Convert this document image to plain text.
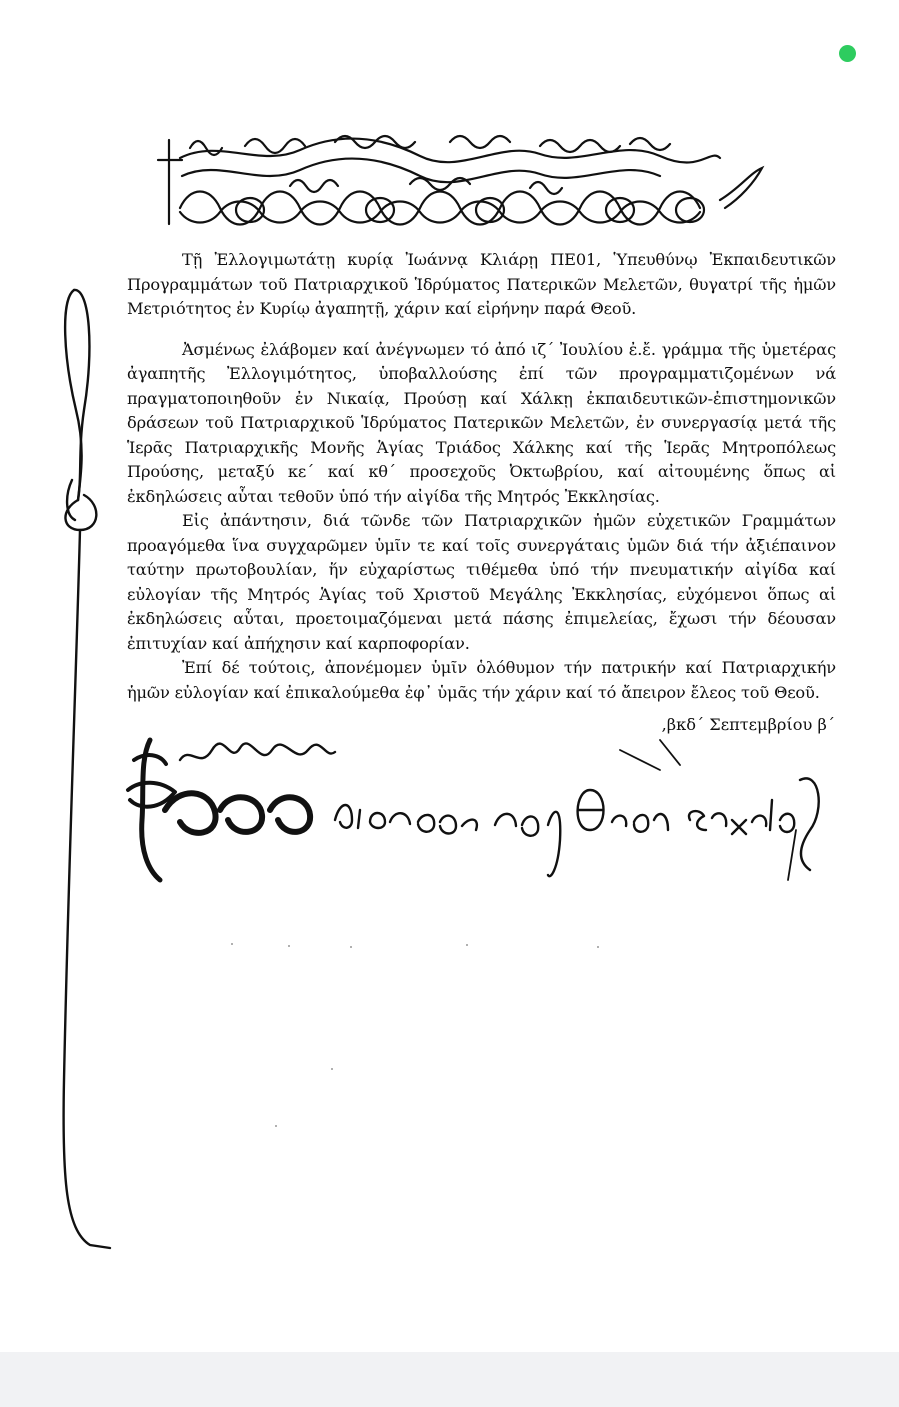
Τῇ Ἐλλογιμωτάτῃ κυρίᾳ Ἰωάννᾳ Κλιάρῃ ΠΕ01, Ὑπευθύνῳ Ἐκπαιδευτικῶν Προγραμμάτων τοῦ Πατριαρχικοῦ Ἱδρύματος Πατερικῶν Μελετῶν, θυγατρί τῆς ἡμῶν Μετριότητος ἐν Κυρίῳ ἀγαπητῇ, χάριν καί εἰρήνην παρά Θεοῦ.

Ἀσμένως ἐλάβομεν καί ἀνέγνωμεν τό ἀπό ιζ΄ Ἰουλίου ἐ.ἔ. γράμμα τῆς ὑμετέρας ἀγαπητῆς Ἐλλογιμότητος, ὑποβαλλούσης ἐπί τῶν προγραμματιζομένων νά πραγματοποιηθοῦν ἐν Νικαίᾳ, Προύσῃ καί Χάλκῃ ἐκπαιδευτικῶν-ἐπιστημονικῶν δράσεων τοῦ Πατριαρχικοῦ Ἱδρύματος Πατερικῶν Μελετῶν, ἐν συνεργασίᾳ μετά τῆς Ἱερᾶς Πατριαρχικῆς Μονῆς Ἁγίας Τριάδος Χάλκης καί τῆς Ἱερᾶς Μητροπόλεως Προύσης, μεταξύ κε΄ καί κθ΄ προσεχοῦς Ὀκτωβρίου, καί αἰτουμένης ὅπως αἱ ἐκδηλώσεις αὗται τεθοῦν ὑπό τήν αἰγίδα τῆς Μητρός Ἐκκλησίας.

Εἰς ἀπάντησιν, διά τῶνδε τῶν Πατριαρχικῶν ἡμῶν εὐχετικῶν Γραμμάτων προαγόμεθα ἵνα συγχαρῶμεν ὑμῖν τε καί τοῖς συνεργάταις ὑμῶν διά τήν ἀξιέπαινον ταύτην πρωτοβουλίαν, ἥν εὐχαρίστως τιθέμεθα ὑπό τήν πνευματικήν αἰγίδα καί εὐλογίαν τῆς Μητρός Ἁγίας τοῦ Χριστοῦ Μεγάλης Ἐκκλησίας, εὐχόμενοι ὅπως αἱ ἐκδηλώσεις αὗται, προετοιμαζόμεναι μετά πάσης ἐπιμελείας, ἔχωσι τήν δέουσαν ἐπιτυχίαν καί ἀπήχησιν καί καρποφορίαν.

Ἐπί δέ τούτοις, ἀπονέμομεν ὑμῖν ὁλόθυμον τήν πατρικήν καί Πατριαρχικήν ἡμῶν εὐλογίαν καί ἐπικαλούμεθα ἐφ᾿ ὑμᾶς τήν χάριν καί τό ἄπειρον ἔλεος τοῦ Θεοῦ.

,βκδ΄ Σεπτεμβρίου β΄
